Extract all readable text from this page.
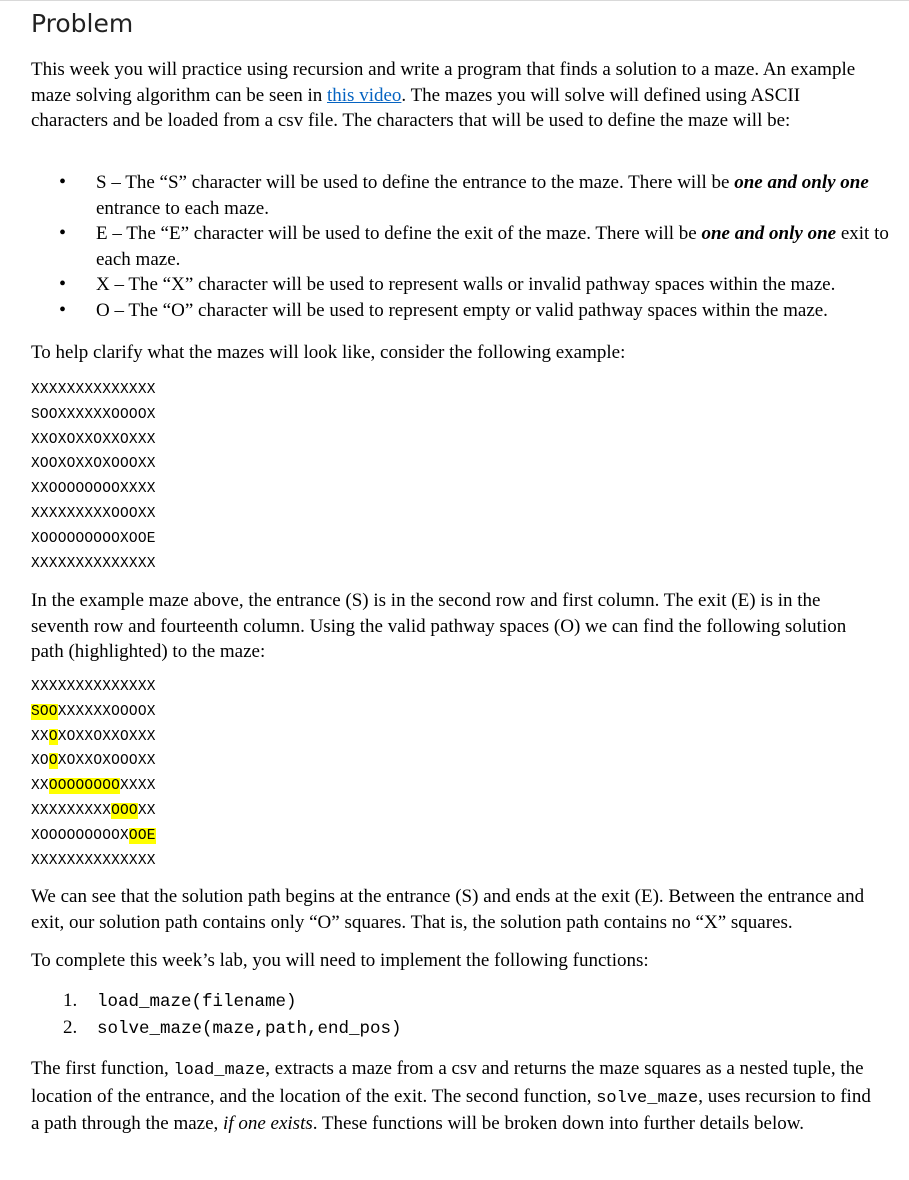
Problem

This week you will practice using recursion and write a program that finds a solution to a maze. An example maze solving algorithm can be seen in this video. The mazes you will solve will defined using ASCII characters and be loaded from a csv file. The characters that will be used to define the maze will be:

• S – The “S” character will be used to define the entrance to the maze. There will be one and only one entrance to each maze.
• E – The “E” character will be used to define the exit of the maze. There will be one and only one exit to each maze.
• X – The “X” character will be used to represent walls or invalid pathway spaces within the maze.
• O – The “O” character will be used to represent empty or valid pathway spaces within the maze.

To help clarify what the mazes will look like, consider the following example:

XXXXXXXXXXXXXX
SOOXXXXXXOOOOX
XXOXOXXOXXOXXX
XOOXOXXOXOOOXX
XXOOOOOOOOXXXX
XXXXXXXXXOOOXX
XOOOOOOOOOXOOE
XXXXXXXXXXXXXX

In the example maze above, the entrance (S) is in the second row and first column. The exit (E) is in the seventh row and fourteenth column. Using the valid pathway spaces (O) we can find the following solution path (highlighted) to the maze:

XXXXXXXXXXXXXX
SOOXXXXXXOOOOX
XXOXOXXOXXOXXX
XOOXOXXOXOOOXX
XXOOOOOOOOXXXX
XXXXXXXXXOOOXX
XOOOOOOOOOXOOE
XXXXXXXXXXXXXX

We can see that the solution path begins at the entrance (S) and ends at the exit (E). Between the entrance and exit, our solution path contains only “O” squares. That is, the solution path contains no “X” squares.

To complete this week’s lab, you will need to implement the following functions:

1. load_maze(filename)
2. solve_maze(maze,path,end_pos)

The first function, load_maze, extracts a maze from a csv and returns the maze squares as a nested tuple, the location of the entrance, and the location of the exit. The second function, solve_maze, uses recursion to find a path through the maze, if one exists. These functions will be broken down into further details below.
